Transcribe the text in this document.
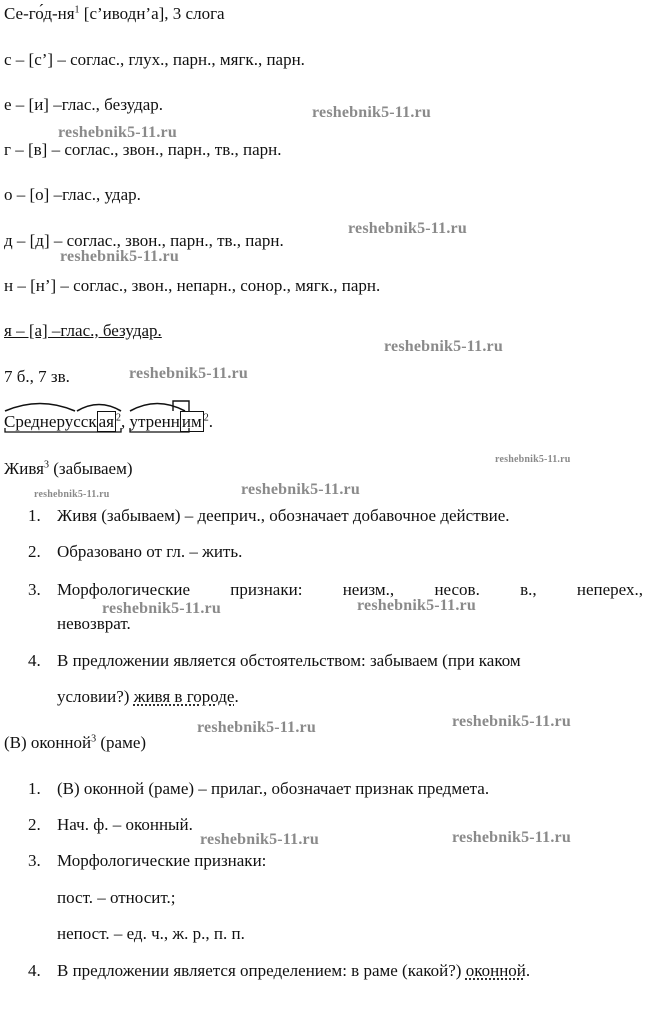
$Се-год-ня^1$ [с’иводн’а], 3 слога
с – [с’] – соглас., глух., парн., мягк., парн.
е – [и] –глас., безудар.
г – [в] – соглас., звон., парн., тв., парн.
о – [о] –глас., удар.
д – [д] – соглас., звон., парн., тв., парн.
н – [н’] – соглас., звон., непарн., сонор., мягк., парн.
я – [а] –глас., безудар.
7 б., 7 зв.
Среднерусск ая $^2$, утренн им $^2$.
Живя$^3$ (забываем)
1. Живя (забываем) – дееприч., обозначает добавочное действие.
2. Образовано от гл. – жить.
3. Морфологические признаки: неизм., несов. в., неперех.,
невозврат.
4. В предложении является обстоятельством: забываем (при каком
условии?) живя в городе.
(В) оконной$^3$ (раме)
1. (В) оконной (раме) – прилаг., обозначает признак предмета.
2. Нач. ф. – оконный.
3. Морфологические признаки:
пост. – относит.;
непост. – ед. ч., ж. р., п. п.
4. В предложении является определением: в раме (какой?) оконной.
reshebnik5-11.ru
reshebnik5-11.ru
reshebnik5-11.ru
reshebnik5-11.ru
reshebnik5-11.ru
reshebnik5-11.ru
reshebnik5-11.ru
reshebnik5-11.ru
reshebnik5-11.ru
reshebnik5-11.ru
reshebnik5-11.ru
reshebnik5-11.ru	reshebnik5-11.ru
reshebnik5-11.ru	reshebnik5-11.ru
